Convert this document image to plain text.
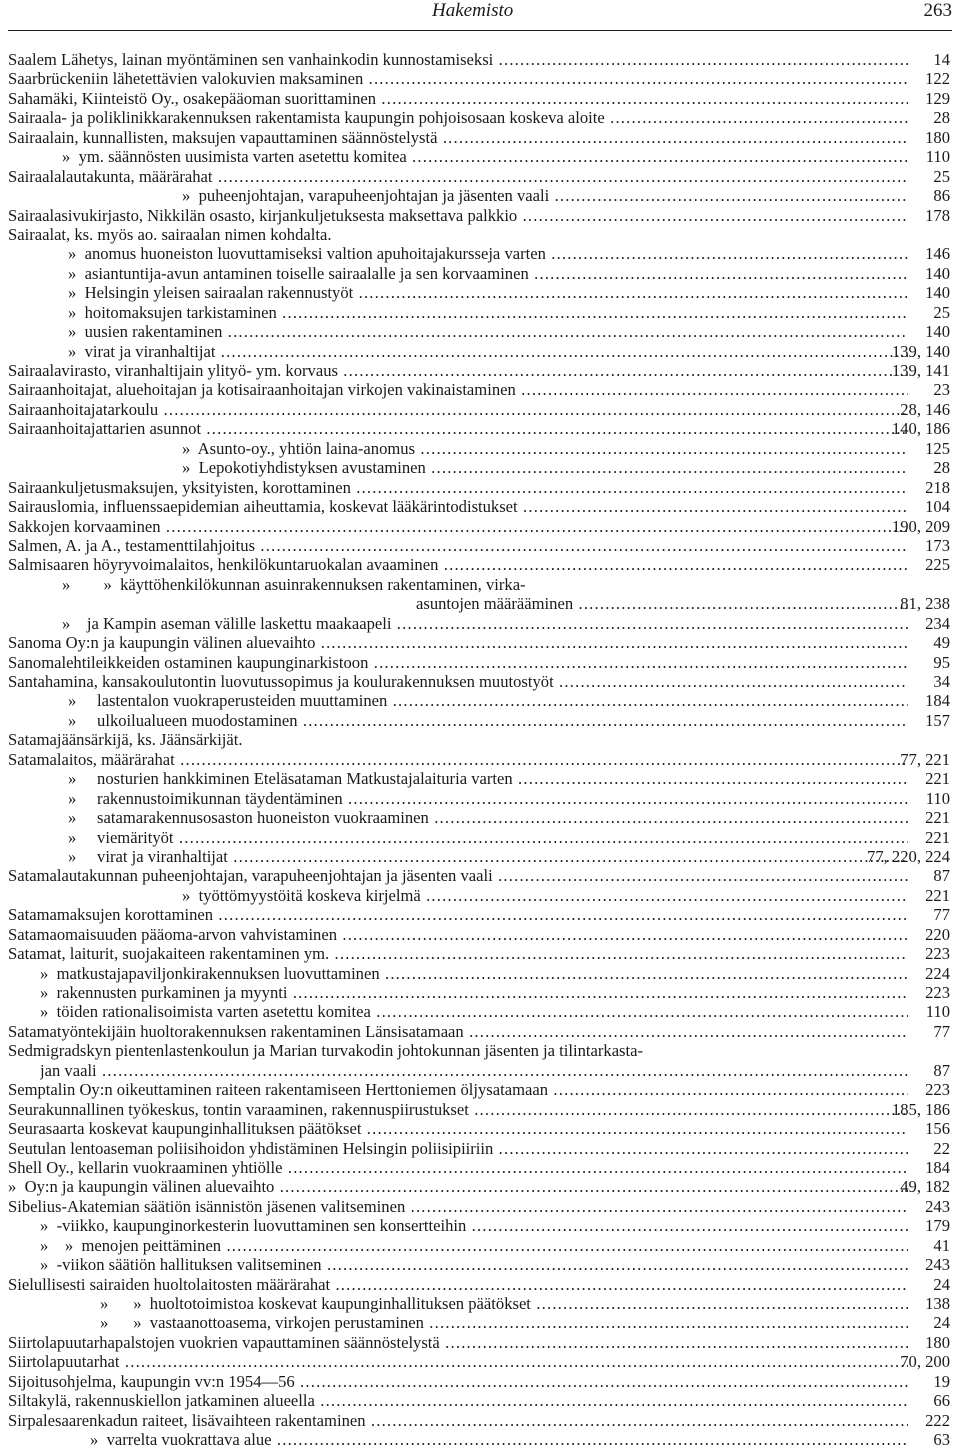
Hakemisto	263
Saalem Lähetys, lainan myöntäminen sen vanhainkodin kunnostamiseksi .....	14
Saarbrückeniin lähetettävien valokuvien maksaminen .....	122
Sahamäki, Kiinteistö Oy., osakepääoman suorittaminen .....	129
Sairaala- ja poliklinikkarakennuksen rakentamista kaupungin pohjoisosaan koskeva aloite .....	28
Sairaalain, kunnallisten, maksujen vapauttaminen säännöstelystä .....	180
»  ym. säännösten uusimista varten asetettu komitea .....	110
Sairaalalautakunta, määrärahat .....	25
»  puheenjohtajan, varapuheenjohtajan ja jäsenten vaali .....	86
Sairaalasivukirjasto, Nikkilän osasto, kirjankuljetuksesta maksettava palkkio .....	178
Sairaalat, ks. myös ao. sairaalan nimen kohdalta.
»  anomus huoneiston luovuttamiseksi valtion apuhoitajakursseja varten .....	146
»  asiantuntija-avun antaminen toiselle sairaalalle ja sen korvaaminen .....	140
»  Helsingin yleisen sairaalan rakennustyöt .....	140
»  hoitomaksujen tarkistaminen .....	25
»  uusien rakentaminen .....	140
»  virat ja viranhaltijat .....	139, 140
Sairaalavirasto, viranhaltijain ylityö- ym. korvaus .....	139, 141
Sairaanhoitajat, aluehoitajan ja kotisairaanhoitajan virkojen vakinaistaminen .....	23
Sairaanhoitajatarkoulu .....	28, 146
Sairaanhoitajattarien asunnot .....	140, 186
»  Asunto-oy., yhtiön laina-anomus .....	125
»  Lepokotiyhdistyksen avustaminen .....	28
Sairaankuljetusmaksujen, yksityisten, korottaminen .....	218
Sairauslomia, influenssaepidemian aiheuttamia, koskevat lääkärintodistukset .....	104
Sakkojen korvaaminen .....	190, 209
Salmen, A. ja A., testamenttilahjoitus .....	173
Salmisaaren höyryvoimalaitos, henkilökuntaruokalan avaaminen .....	225
»        »  käyttöhenkilökunnan asuinrakennuksen rakentaminen, virka-
asuntojen määrääminen .....	81, 238
»    ja Kampin aseman välille laskettu maakaapeli .....	234
Sanoma Oy:n ja kaupungin välinen aluevaihto .....	49
Sanomalehtileikkeiden ostaminen kaupunginarkistoon .....	95
Santahamina, kansakoulutontin luovutussopimus ja koulurakennuksen muutostyöt .....	34
»     lastentalon vuokraperusteiden muuttaminen .....	184
»     ulkoilualueen muodostaminen .....	157
Satamajäänsärkijä, ks. Jäänsärkijät.
Satamalaitos, määrärahat .....	77, 221
»     nosturien hankkiminen Eteläsataman Matkustajalaituria varten .....	221
»     rakennustoimikunnan täydentäminen .....	110
»     satamarakennusosaston huoneiston vuokraaminen .....	221
»     viemärityöt .....	221
»     virat ja viranhaltijat .....	77, 220, 224
Satamalautakunnan puheenjohtajan, varapuheenjohtajan ja jäsenten vaali .....	87
»  työttömyystöitä koskeva kirjelmä .....	221
Satamamaksujen korottaminen .....	77
Satamaomaisuuden pääoma-arvon vahvistaminen .....	220
Satamat, laiturit, suojakaiteen rakentaminen ym. .....	223
»  matkustajapaviljonkirakennuksen luovuttaminen .....	224
»  rakennusten purkaminen ja myynti .....	223
»  töiden rationalisoimista varten asetettu komitea .....	110
Satamatyöntekijäin huoltorakennuksen rakentaminen Länsisatamaan .....	77
Sedmigradskyn pientenlastenkoulun ja Marian turvakodin johtokunnan jäsenten ja tilintarkasta-
jan vaali .....	87
Semptalin Oy:n oikeuttaminen raiteen rakentamiseen Herttoniemen öljysatamaan .....	223
Seurakunnallinen työkeskus, tontin varaaminen, rakennuspiirustukset .....	185, 186
Seurasaarta koskevat kaupunginhallituksen päätökset .....	156
Seutulan lentoaseman poliisihoidon yhdistäminen Helsingin poliisipiiriin .....	22
Shell Oy., kellarin vuokraaminen yhtiölle .....	184
»  Oy:n ja kaupungin välinen aluevaihto .....	49, 182
Sibelius-Akatemian säätiön isännistön jäsenen valitseminen .....	243
»  -viikko, kaupunginorkesterin luovuttaminen sen konsertteihin .....	179
»    »  menojen peittäminen .....	41
»  -viikon säätiön hallituksen valitseminen .....	243
Sielullisesti sairaiden huoltolaitosten määrärahat .....	24
»      »  huoltotoimistoa koskevat kaupunginhallituksen päätökset .....	138
»      »  vastaanottoasema, virkojen perustaminen .....	24
Siirtolapuutarhapalstojen vuokrien vapauttaminen säännöstelystä .....	180
Siirtolapuutarhat .....	70, 200
Sijoitusohjelma, kaupungin vv:n 1954—56 .....	19
Siltakylä, rakennuskiellon jatkaminen alueella .....	66
Sirpalesaarenkadun raiteet, lisävaihteen rakentaminen .....	222
»  varrelta vuokrattava alue .....	63
